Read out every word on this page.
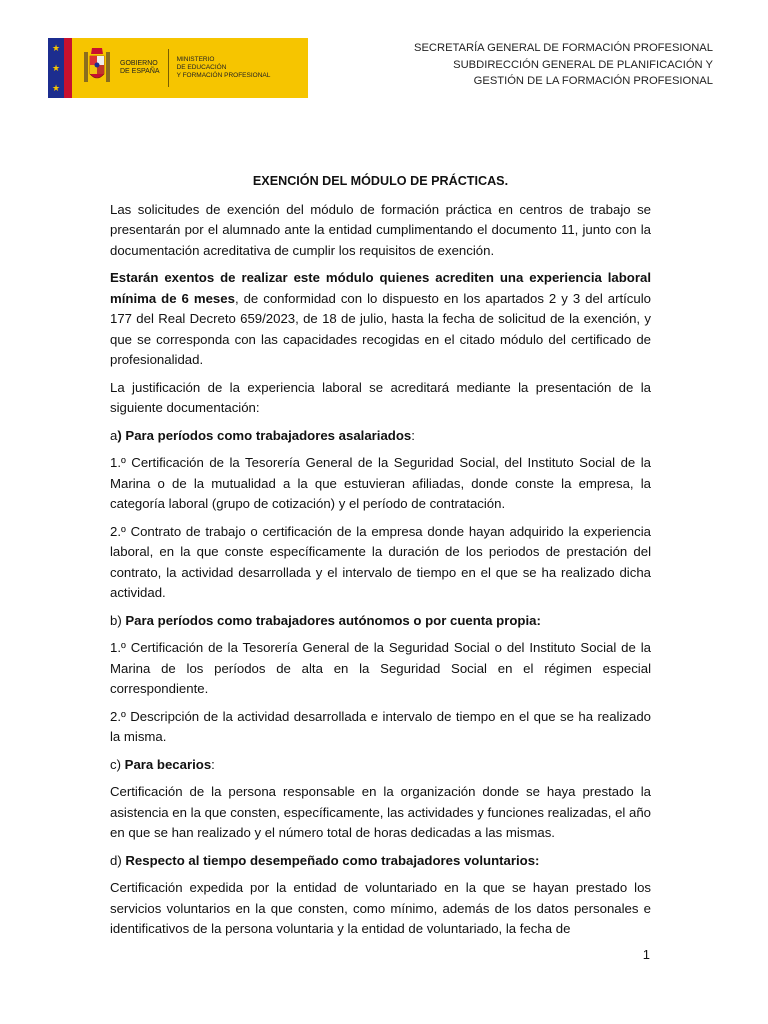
★
★
★
GOBIERNO
DE ESPAÑA
MINISTERIO
DE EDUCACIÓN
Y FORMACIÓN PROFESIONAL
SECRETARÍA GENERAL DE FORMACIÓN PROFESIONAL
SUBDIRECCIÓN GENERAL DE PLANIFICACIÓN Y
GESTIÓN DE LA FORMACIÓN PROFESIONAL

EXENCIÓN DEL MÓDULO DE PRÁCTICAS.

Las solicitudes de exención del módulo de formación práctica en centros de trabajo se presentarán por el alumnado ante la entidad cumplimentando el documento 11, junto con la documentación acreditativa de cumplir los requisitos de exención.

Estarán exentos de realizar este módulo quienes acrediten una experiencia laboral mínima de 6 meses, de conformidad con lo dispuesto en los apartados 2 y 3 del artículo 177 del Real Decreto 659/2023, de 18 de julio, hasta la fecha de solicitud de la exención, y que se corresponda con las capacidades recogidas en el citado módulo del certificado de profesionalidad.

La justificación de la experiencia laboral se acreditará mediante la presentación de la siguiente documentación:

a) Para períodos como trabajadores asalariados:

1.º Certificación de la Tesorería General de la Seguridad Social, del Instituto Social de la Marina o de la mutualidad a la que estuvieran afiliadas, donde conste la empresa, la categoría laboral (grupo de cotización) y el período de contratación.

2.º Contrato de trabajo o certificación de la empresa donde hayan adquirido la experiencia laboral, en la que conste específicamente la duración de los periodos de prestación del contrato, la actividad desarrollada y el intervalo de tiempo en el que se ha realizado dicha actividad.

b) Para períodos como trabajadores autónomos o por cuenta propia:

1.º Certificación de la Tesorería General de la Seguridad Social o del Instituto Social de la Marina de los períodos de alta en la Seguridad Social en el régimen especial correspondiente.

2.º Descripción de la actividad desarrollada e intervalo de tiempo en el que se ha realizado la misma.

c) Para becarios:

Certificación de la persona responsable en la organización donde se haya prestado la asistencia en la que consten, específicamente, las actividades y funciones realizadas, el año en que se han realizado y el número total de horas dedicadas a las mismas.

d) Respecto al tiempo desempeñado como trabajadores voluntarios:

Certificación expedida por la entidad de voluntariado en la que se hayan prestado los servicios voluntarios en la que consten, como mínimo, además de los datos personales e identificativos de la persona voluntaria y la entidad de voluntariado, la fecha de

1
